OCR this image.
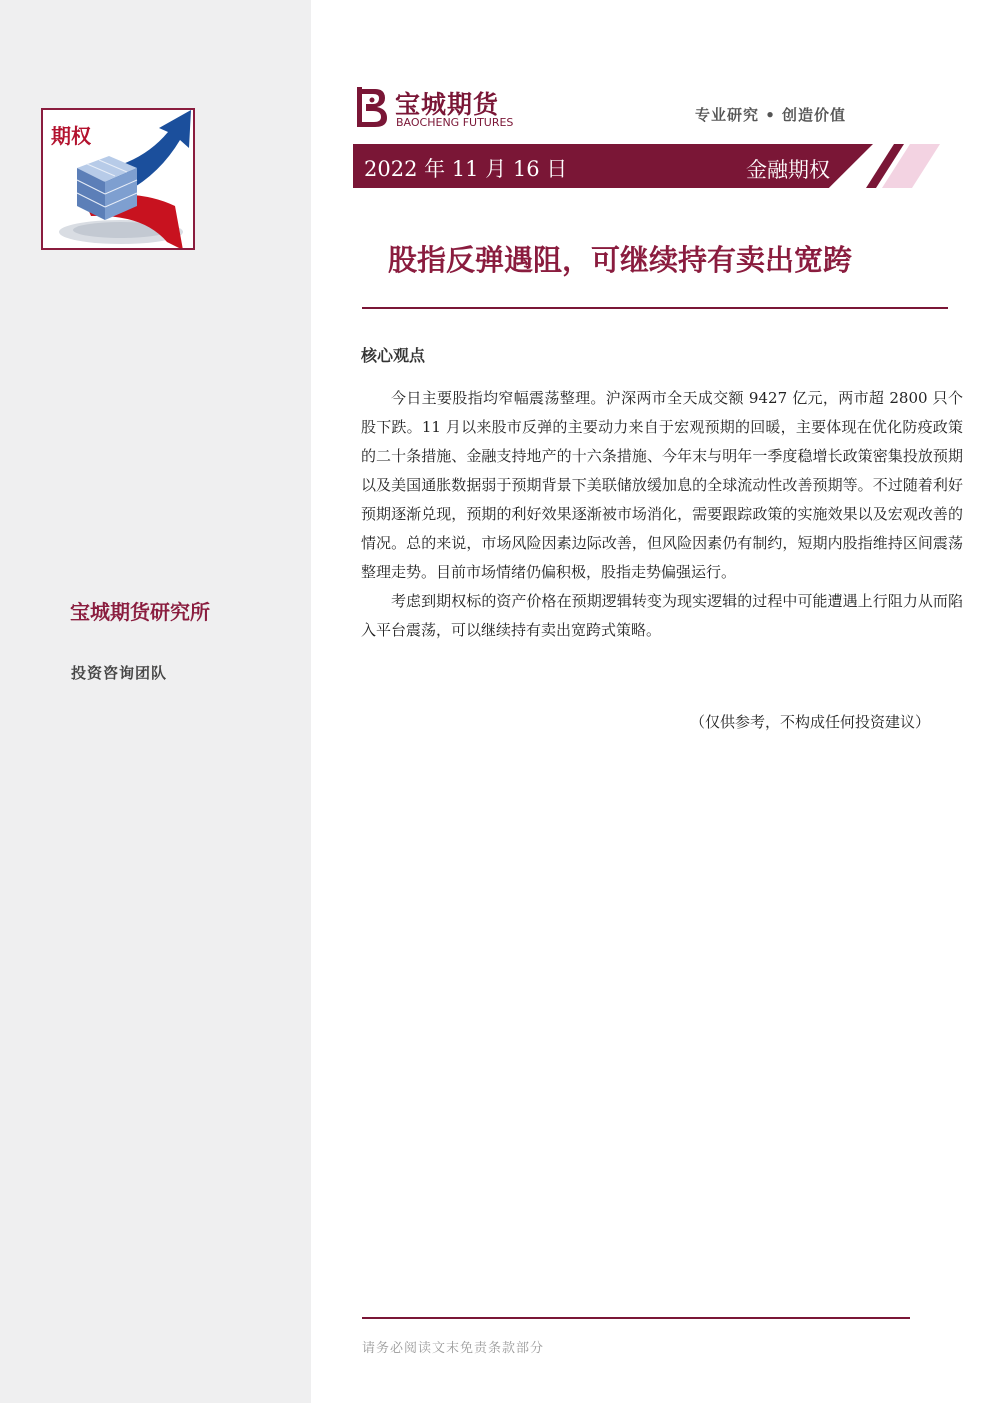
期权
宝城期货研究所
投资咨询团队
宝城期货
BAOCHENG FUTURES	专业研究 • 创造价值
2022 年 11 月 16 日	金融期权
股指反弹遇阻，可继续持有卖出宽跨
核心观点

今日主要股指均窄幅震荡整理。沪深两市全天成交额 9427 亿元，两市超 2800 只个股下跌。11 月以来股市反弹的主要动力来自于宏观预期的回暖，主要体现在优化防疫政策的二十条措施、金融支持地产的十六条措施、今年末与明年一季度稳增长政策密集投放预期以及美国通胀数据弱于预期背景下美联储放缓加息的全球流动性改善预期等。不过随着利好预期逐渐兑现，预期的利好效果逐渐被市场消化，需要跟踪政策的实施效果以及宏观改善的情况。总的来说，市场风险因素边际改善，但风险因素仍有制约，短期内股指维持区间震荡整理走势。目前市场情绪仍偏积极，股指走势偏强运行。

考虑到期权标的资产价格在预期逻辑转变为现实逻辑的过程中可能遭遇上行阻力从而陷入平台震荡，可以继续持有卖出宽跨式策略。

（仅供参考，不构成任何投资建议）
请务必阅读文末免责条款部分
